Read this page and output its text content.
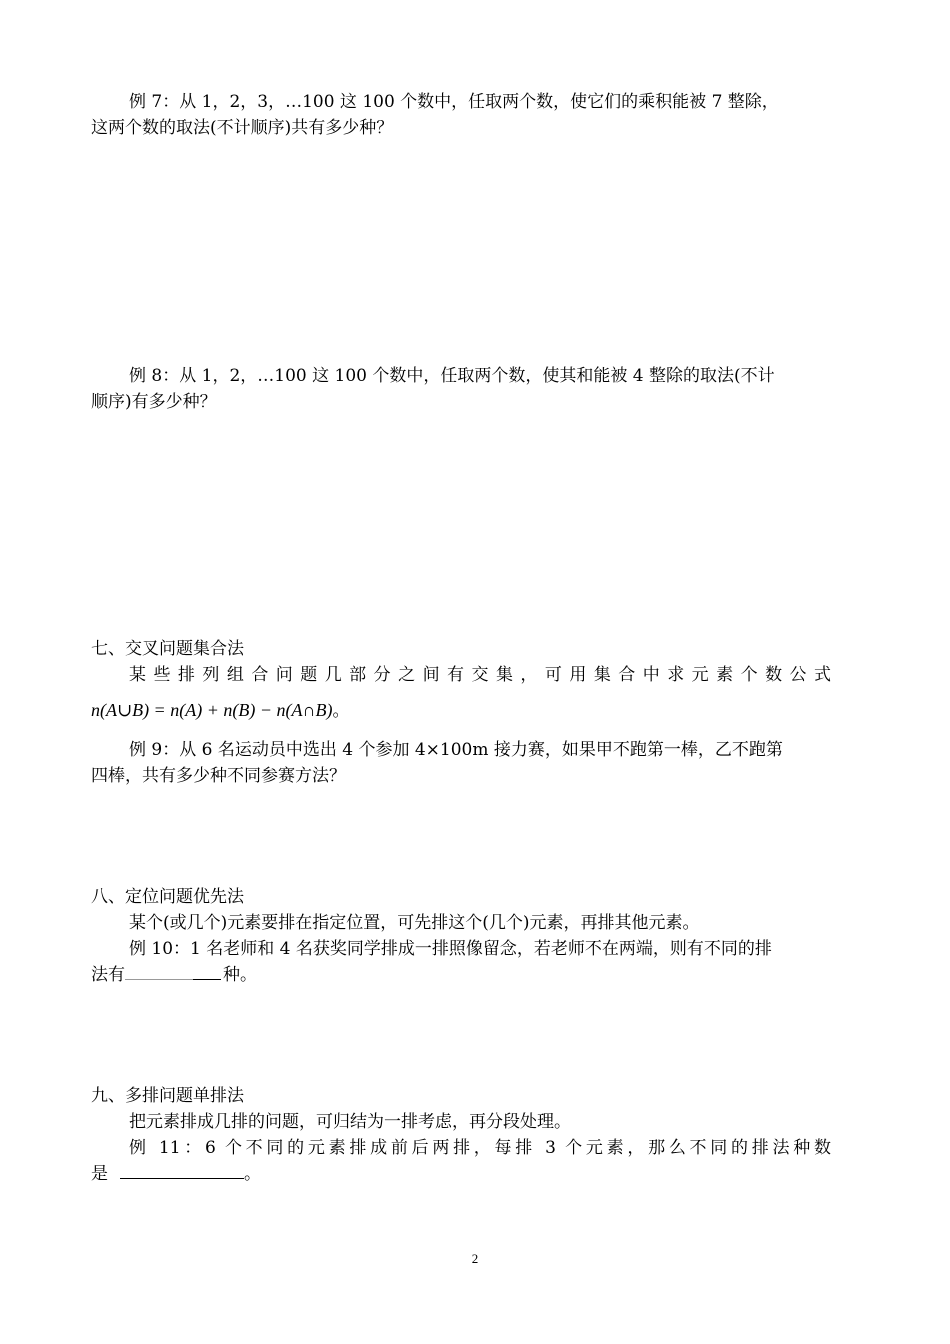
例 7：从 1，2，3，…100 这 100 个数中，任取两个数，使它们的乘积能被 7 整除，
这两个数的取法(不计顺序)共有多少种？
例 8：从 1，2，…100 这 100 个数中，任取两个数，使其和能被 4 整除的取法(不计
顺序)有多少种？
七、交叉问题集合法
某些排列组合问题几部分之间有交集，可用集合中求元素个数公式
n(A∪B) = n(A) + n(B) − n(A∩B)。
例 9：从 6 名运动员中选出 4 个参加 4×100m 接力赛，如果甲不跑第一棒，乙不跑第
四棒，共有多少种不同参赛方法？
八、定位问题优先法
某个(或几个)元素要排在指定位置，可先排这个(几个)元素，再排其他元素。
例 10：1 名老师和 4 名获奖同学排成一排照像留念，若老师不在两端，则有不同的排
法有	种。
九、多排问题单排法
把元素排成几排的问题，可归结为一排考虑，再分段处理。
例 11：6 个不同的元素排成前后两排，每排 3 个元素，那么不同的排法种数
是	。
2
